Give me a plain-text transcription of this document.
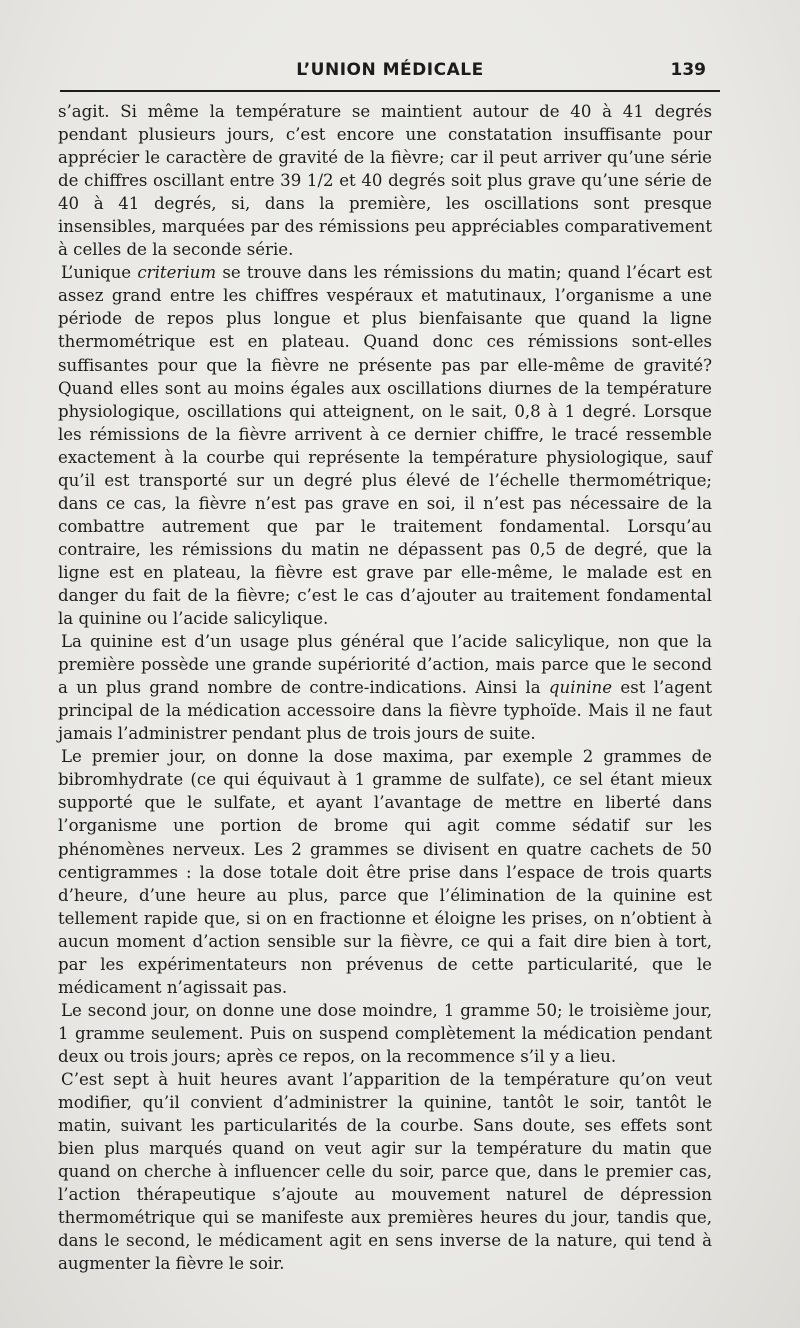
L’UNION MÉDICALE	139

s’agit. Si même la température se maintient autour de 40 à 41 degrés pendant plusieurs jours, c’est encore une constatation insuffisante pour apprécier le caractère de gravité de la fièvre; car il peut arriver qu’une série de chiffres oscillant entre 39 1/2 et 40 degrés soit plus grave qu’une série de 40 à 41 degrés, si, dans la première, les oscillations sont presque insensibles, marquées par des rémissions peu appréciables comparativement à celles de la seconde série.

L’unique criterium se trouve dans les rémissions du matin; quand l’écart est assez grand entre les chiffres vespéraux et matutinaux, l’organisme a une période de repos plus longue et plus bienfaisante que quand la ligne thermométrique est en plateau. Quand donc ces rémissions sont-elles suffisantes pour que la fièvre ne présente pas par elle-même de gravité? Quand elles sont au moins égales aux oscillations diurnes de la température physiologique, oscillations qui atteignent, on le sait, 0,8 à 1 degré. Lorsque les rémissions de la fièvre arrivent à ce dernier chiffre, le tracé ressemble exactement à la courbe qui représente la température physiologique, sauf qu’il est transporté sur un degré plus élevé de l’échelle thermométrique; dans ce cas, la fièvre n’est pas grave en soi, il n’est pas nécessaire de la combattre autrement que par le traitement fondamental. Lorsqu’au contraire, les rémissions du matin ne dépassent pas 0,5 de degré, que la ligne est en plateau, la fièvre est grave par elle-même, le malade est en danger du fait de la fièvre; c’est le cas d’ajouter au traitement fondamental la quinine ou l’acide salicylique.

La quinine est d’un usage plus général que l’acide salicylique, non que la première possède une grande supériorité d’action, mais parce que le second a un plus grand nombre de contre-indications. Ainsi la quinine est l’agent principal de la médication accessoire dans la fièvre typhoïde. Mais il ne faut jamais l’administrer pendant plus de trois jours de suite.

Le premier jour, on donne la dose maxima, par exemple 2 grammes de bibromhydrate (ce qui équivaut à 1 gramme de sulfate), ce sel étant mieux supporté que le sulfate, et ayant l’avantage de mettre en liberté dans l’organisme une portion de brome qui agit comme sédatif sur les phénomènes nerveux. Les 2 grammes se divisent en quatre cachets de 50 centigrammes : la dose totale doit être prise dans l’espace de trois quarts d’heure, d’une heure au plus, parce que l’élimination de la quinine est tellement rapide que, si on en fractionne et éloigne les prises, on n’obtient à aucun moment d’action sensible sur la fièvre, ce qui a fait dire bien à tort, par les expérimentateurs non prévenus de cette particularité, que le médicament n’agissait pas.

Le second jour, on donne une dose moindre, 1 gramme 50; le troisième jour, 1 gramme seulement. Puis on suspend complètement la médication pendant deux ou trois jours; après ce repos, on la recommence s’il y a lieu.

C’est sept à huit heures avant l’apparition de la température qu’on veut modifier, qu’il convient d’administrer la quinine, tantôt le soir, tantôt le matin, suivant les particularités de la courbe. Sans doute, ses effets sont bien plus marqués quand on veut agir sur la température du matin que quand on cherche à influencer celle du soir, parce que, dans le premier cas, l’action thérapeutique s’ajoute au mouvement naturel de dépression thermométrique qui se manifeste aux premières heures du jour, tandis que, dans le second, le médicament agit en sens inverse de la nature, qui tend à augmenter la fièvre le soir.
